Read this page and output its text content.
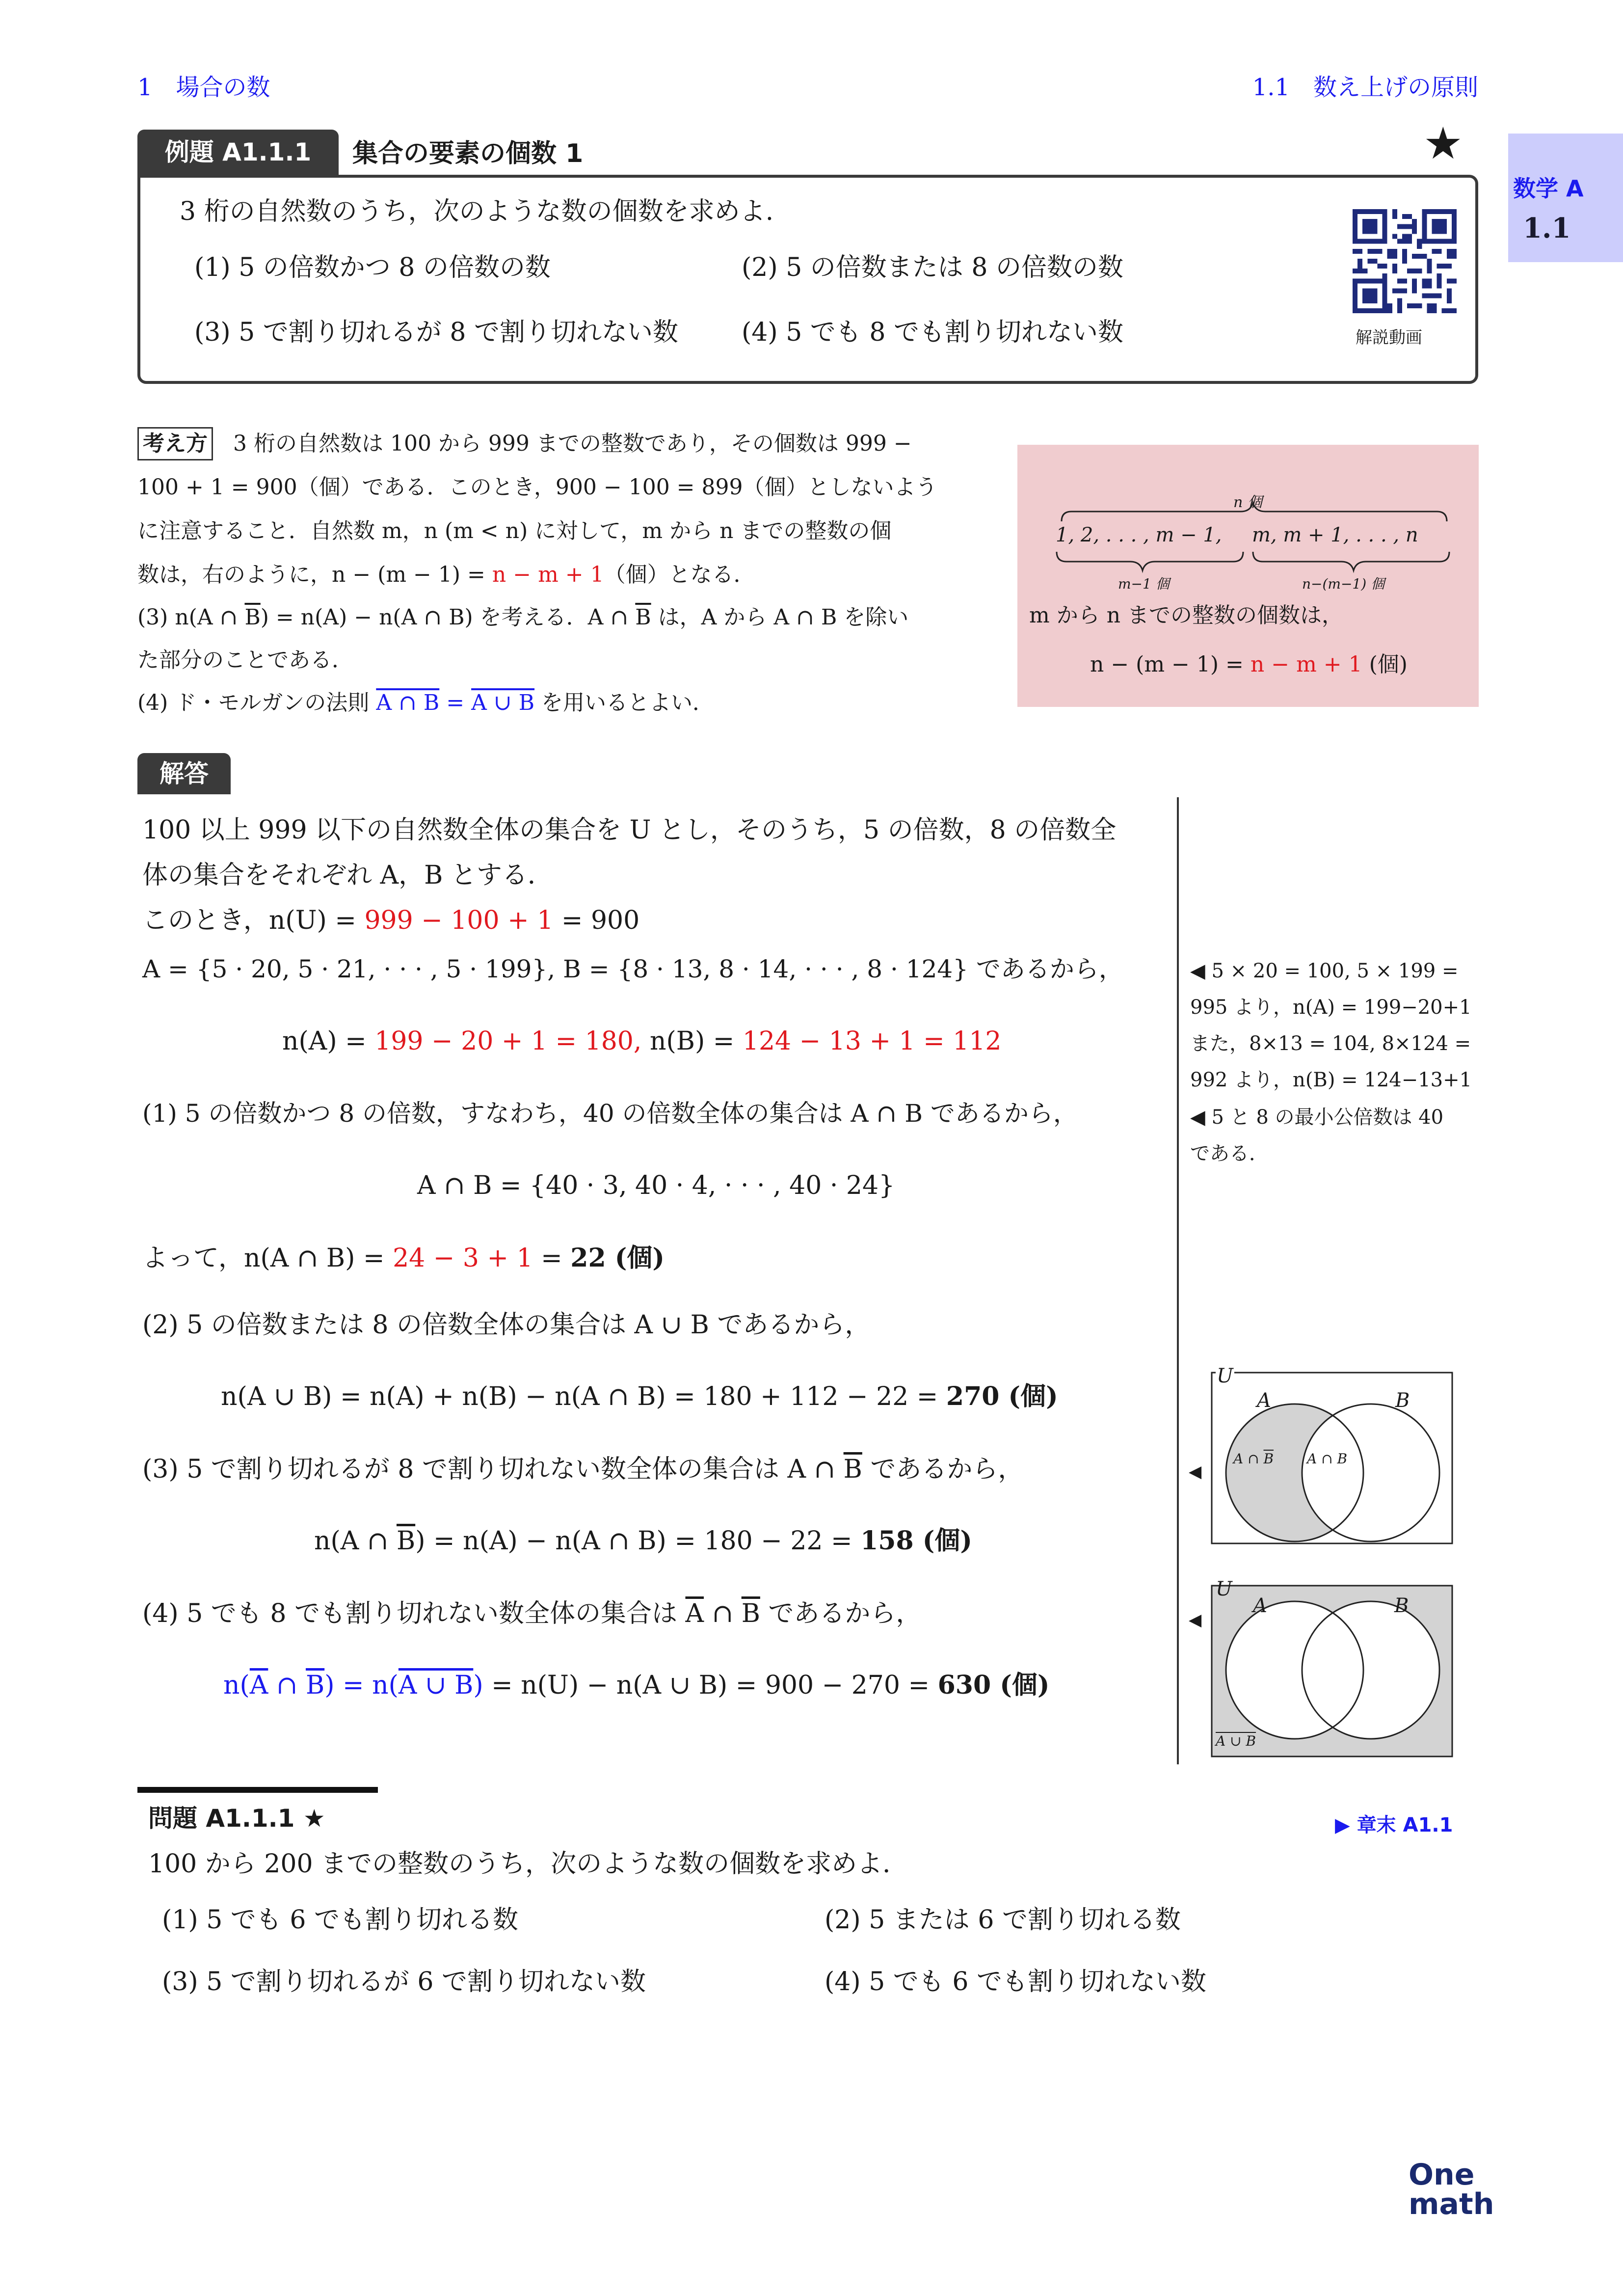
1　場合の数	1.1　数え上げの原則
数学 A
1.1
例題 A1.1.1	集合の要素の個数 1	★
3 桁の自然数のうち，次のような数の個数を求めよ.
(1) 5 の倍数かつ 8 の倍数の数	(2) 5 の倍数または 8 の倍数の数
(3) 5 で割り切れるが 8 で割り切れない数 (4) 5 でも 8 でも割り切れない数	解説動画
考え方 3 桁の自然数は 100 から 999 までの整数であり，その個数は 999 −
100 + 1 = 900（個）である．このとき，900 − 100 = 899（個）としないよう
に注意すること．自然数 m，n (m < n) に対して，m から n までの整数の個
数は，右のように，n − (m − 1) = n − m + 1（個）となる．
(3) n(A ∩ $\overline{B}) = n(A) - n(A$ ∩ B) を考える．A ∩ $\overline{B}$ は，A から A ∩ B を除い
た部分のことである．
(4) ド・モルガンの法則 A ∩ B = A ∪ B を用いるとよい．
n 個
1, 2, . . . , m − 1, m, m + 1, . . . , n
m−1 個	n−(m−1) 個
m から n までの整数の個数は，
n − (m − 1) = n − m + 1 (個)
解答
100 以上 999 以下の自然数全体の集合を U とし，そのうち，5 の倍数，8 の倍数全
体の集合をそれぞれ A，B とする．
このとき，n(U) = 999 − 100 + 1 = 900
A = {5 · 20, 5 · 21, · · · , 5 · 199}, B = {8 · 13, 8 · 14, · · · , 8 · 124} であるから，
n(A) = 199 − 20 + 1 = 180, n(B) = 124 − 13 + 1 = 112
(1) 5 の倍数かつ 8 の倍数，すなわち，40 の倍数全体の集合は A ∩ B であるから，
A ∩ B = {40 · 3, 40 · 4, · · · , 40 · 24}
よって，n(A ∩ B) = 24 − 3 + 1 = 22 (個)
(2) 5 の倍数または 8 の倍数全体の集合は A ∪ B であるから，
n(A ∪ B) = n(A) + n(B) − n(A ∩ B) = 180 + 112 − 22 = 270 (個)
(3) 5 で割り切れるが 8 で割り切れない数全体の集合は A ∩ $\overline{B}$ であるから，
n(A ∩ $\overline{B}) = n(A) - n(A$ ∩ B) = 180 − 22 = 158 (個)
(4) 5 でも 8 でも割り切れない数全体の集合は $\overline{A}$ ∩ $\overline{B}$ であるから，
$n(\overline{A}$ ∩ $\overline{B}) = n(A$ ∪ B) = n(U) − n(A ∪ B) = 900 − 270 = 630 (個)
◀ 5 × 20 = 100, 5 × 199 =
995 より，n(A) = 199−20+1
また，8×13 = 104, 8×124 =
992 より，n(B) = 124−13+1
◀ 5 と 8 の最小公倍数は 40
である．
◀
◀
U
A	B
A ∩ $\overline{B}$ A ∩ B
U
A	B
A ∪ B
問題 A1.1.1 ★	▶ 章末 A1.1
100 から 200 までの整数のうち，次のような数の個数を求めよ．
(1) 5 でも 6 でも割り切れる数	(2) 5 または 6 で割り切れる数
(3) 5 で割り切れるが 6 で割り切れない数	(4) 5 でも 6 でも割り切れない数
One
math
